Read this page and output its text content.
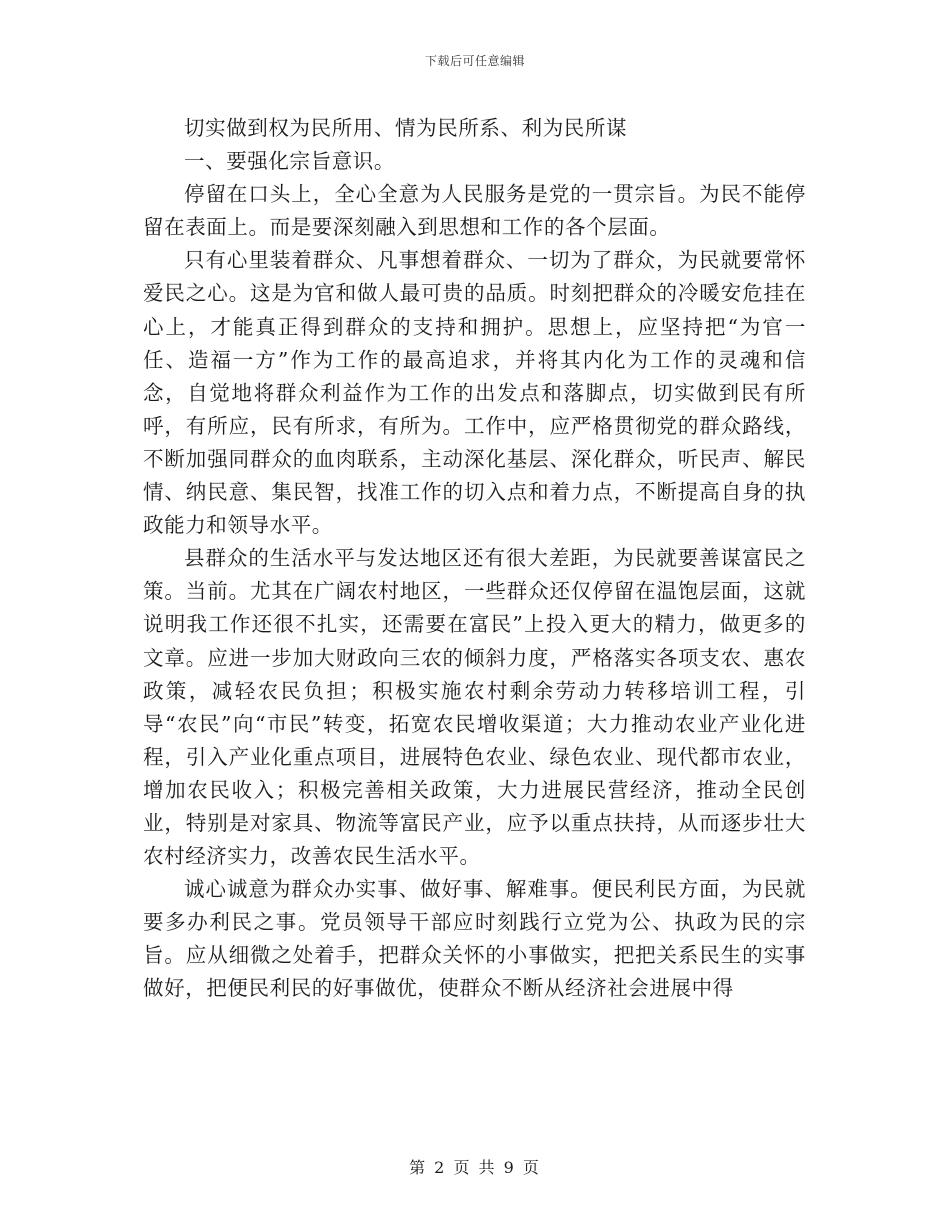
下载后可任意编辑

切实做到权为民所用、情为民所系、利为民所谋

一、要强化宗旨意识。

停留在口头上，全心全意为人民服务是党的一贯宗旨。为民不能停留在表面上。而是要深刻融入到思想和工作的各个层面。

只有心里装着群众、凡事想着群众、一切为了群众，为民就要常怀爱民之心。这是为官和做人最可贵的品质。时刻把群众的冷暖安危挂在心上，才能真正得到群众的支持和拥护。思想上，应坚持把“为官一任、造福一方”作为工作的最高追求，并将其内化为工作的灵魂和信念，自觉地将群众利益作为工作的出发点和落脚点，切实做到民有所呼，有所应，民有所求，有所为。工作中，应严格贯彻党的群众路线，不断加强同群众的血肉联系，主动深化基层、深化群众，听民声、解民情、纳民意、集民智，找准工作的切入点和着力点，不断提高自身的执政能力和领导水平。

县群众的生活水平与发达地区还有很大差距，为民就要善谋富民之策。当前。尤其在广阔农村地区，一些群众还仅停留在温饱层面，这就说明我工作还很不扎实，还需要在富民”上投入更大的精力，做更多的文章。应进一步加大财政向三农的倾斜力度，严格落实各项支农、惠农政策，减轻农民负担；积极实施农村剩余劳动力转移培训工程，引导“农民”向“市民”转变，拓宽农民增收渠道；大力推动农业产业化进程，引入产业化重点项目，进展特色农业、绿色农业、现代都市农业，增加农民收入；积极完善相关政策，大力进展民营经济，推动全民创业，特别是对家具、物流等富民产业，应予以重点扶持，从而逐步壮大农村经济实力，改善农民生活水平。

诚心诚意为群众办实事、做好事、解难事。便民利民方面，为民就要多办利民之事。党员领导干部应时刻践行立党为公、执政为民的宗旨。应从细微之处着手，把群众关怀的小事做实，把把关系民生的实事做好，把便民利民的好事做优，使群众不断从经济社会进展中得

第 2 页 共 9 页
